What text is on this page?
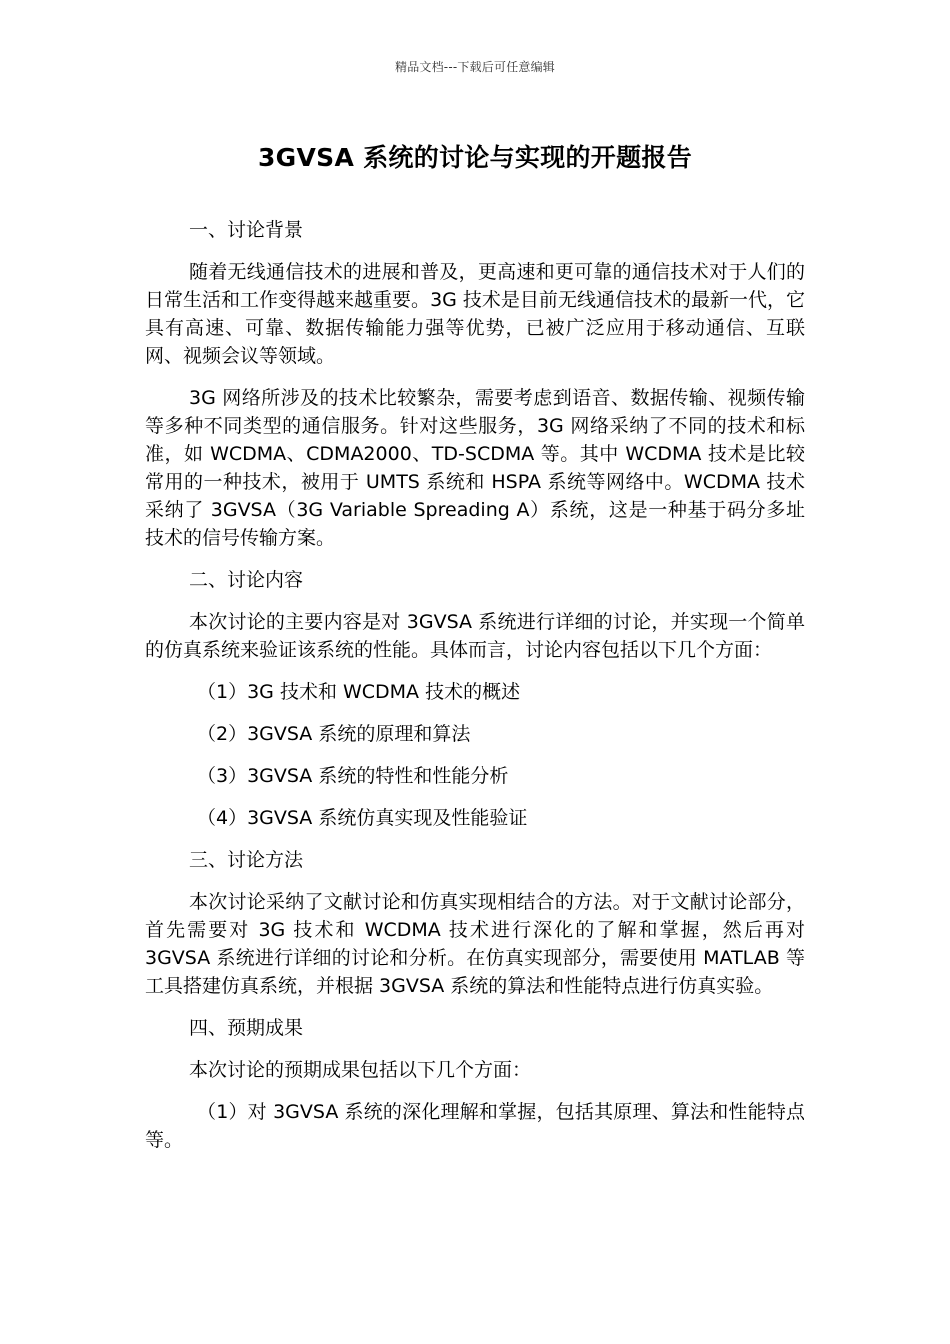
精品文档---下载后可任意编辑
3GVSA 系统的讨论与实现的开题报告

一、讨论背景

随着无线通信技术的进展和普及，更高速和更可靠的通信技术对于人们的日常生活和工作变得越来越重要。3G 技术是目前无线通信技术的最新一代，它具有高速、可靠、数据传输能力强等优势，已被广泛应用于移动通信、互联网、视频会议等领域。

3G 网络所涉及的技术比较繁杂，需要考虑到语音、数据传输、视频传输等多种不同类型的通信服务。针对这些服务，3G 网络采纳了不同的技术和标准，如 WCDMA、CDMA2000、TD-SCDMA 等。其中 WCDMA 技术是比较常用的一种技术，被用于 UMTS 系统和 HSPA 系统等网络中。WCDMA 技术采纳了 3GVSA（3G Variable Spreading A）系统，这是一种基于码分多址技术的信号传输方案。

二、讨论内容

本次讨论的主要内容是对 3GVSA 系统进行详细的讨论，并实现一个简单的仿真系统来验证该系统的性能。具体而言，讨论内容包括以下几个方面：

（1）3G 技术和 WCDMA 技术的概述

（2）3GVSA 系统的原理和算法

（3）3GVSA 系统的特性和性能分析

（4）3GVSA 系统仿真实现及性能验证

三、讨论方法

本次讨论采纳了文献讨论和仿真实现相结合的方法。对于文献讨论部分，首先需要对 3G 技术和 WCDMA 技术进行深化的了解和掌握，然后再对 3GVSA 系统进行详细的讨论和分析。在仿真实现部分，需要使用 MATLAB 等工具搭建仿真系统，并根据 3GVSA 系统的算法和性能特点进行仿真实验。

四、预期成果

本次讨论的预期成果包括以下几个方面：

（1）对 3GVSA 系统的深化理解和掌握，包括其原理、算法和性能特点等。
